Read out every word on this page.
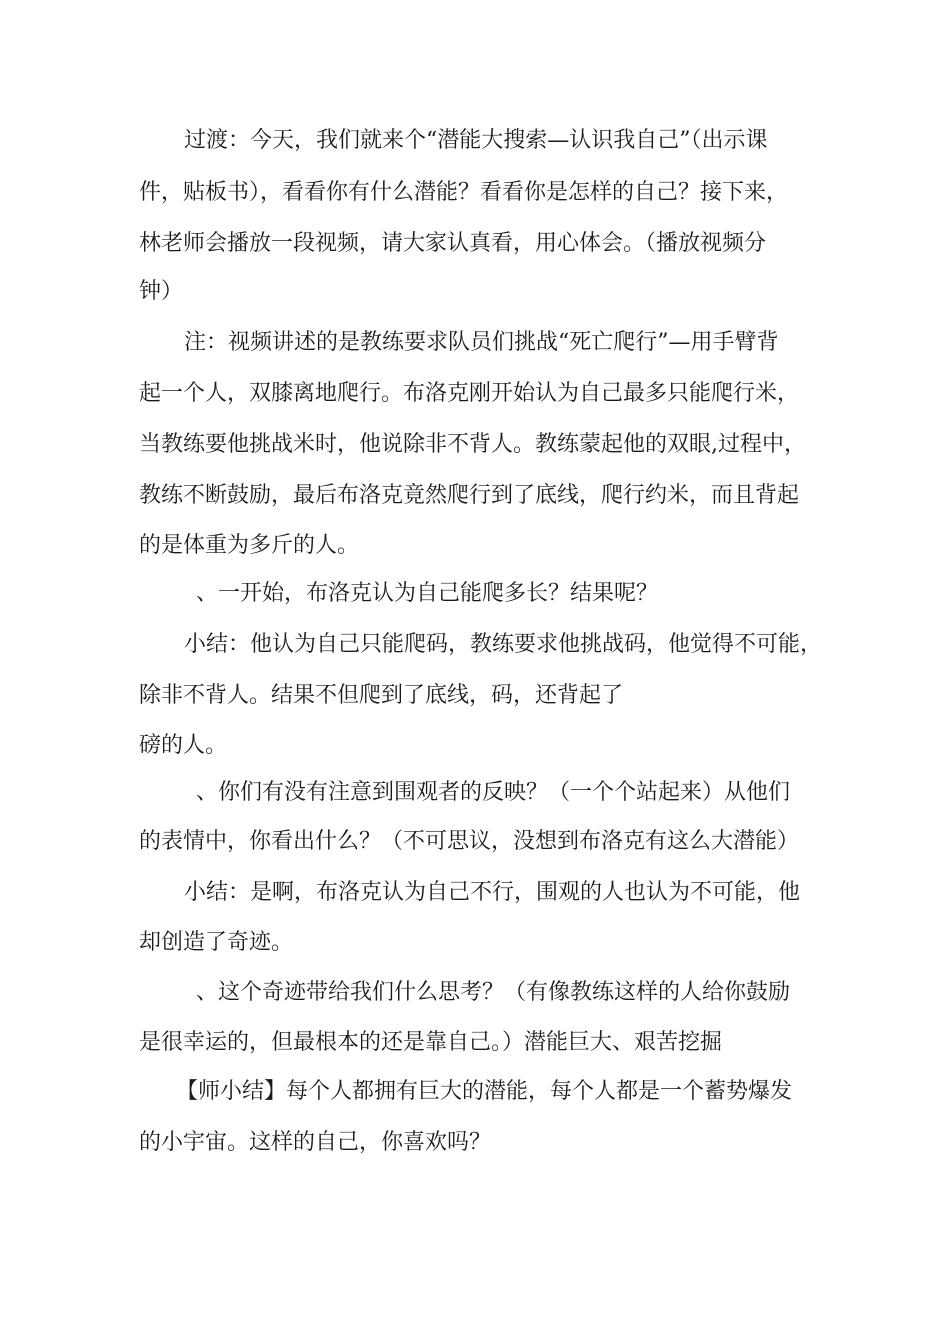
过渡：今天，我们就来个“潜能大搜索—认识我自己”（出示课
件，贴板书），看看你有什么潜能？看看你是怎样的自己？接下来，
林老师会播放一段视频，请大家认真看，用心体会。（播放视频分
钟）
注：视频讲述的是教练要求队员们挑战“死亡爬行”—用手臂背
起一个人，双膝离地爬行。布洛克刚开始认为自己最多只能爬行米，
当教练要他挑战米时，他说除非不背人。教练蒙起他的双眼,过程中，
教练不断鼓励，最后布洛克竟然爬行到了底线，爬行约米，而且背起
的是体重为多斤的人。
、一开始，布洛克认为自己能爬多长？结果呢？
小结：他认为自己只能爬码，教练要求他挑战码，他觉得不可能，
除非不背人。结果不但爬到了底线，码，还背起了
磅的人。
、你们有没有注意到围观者的反映？（一个个站起来）从他们
的表情中，你看出什么？（不可思议，没想到布洛克有这么大潜能）
小结：是啊，布洛克认为自己不行，围观的人也认为不可能，他
却创造了奇迹。
、这个奇迹带给我们什么思考？（有像教练这样的人给你鼓励
是很幸运的，但最根本的还是靠自己。）潜能巨大、艰苦挖掘
【师小结】每个人都拥有巨大的潜能，每个人都是一个蓄势爆发
的小宇宙。这样的自己，你喜欢吗？
